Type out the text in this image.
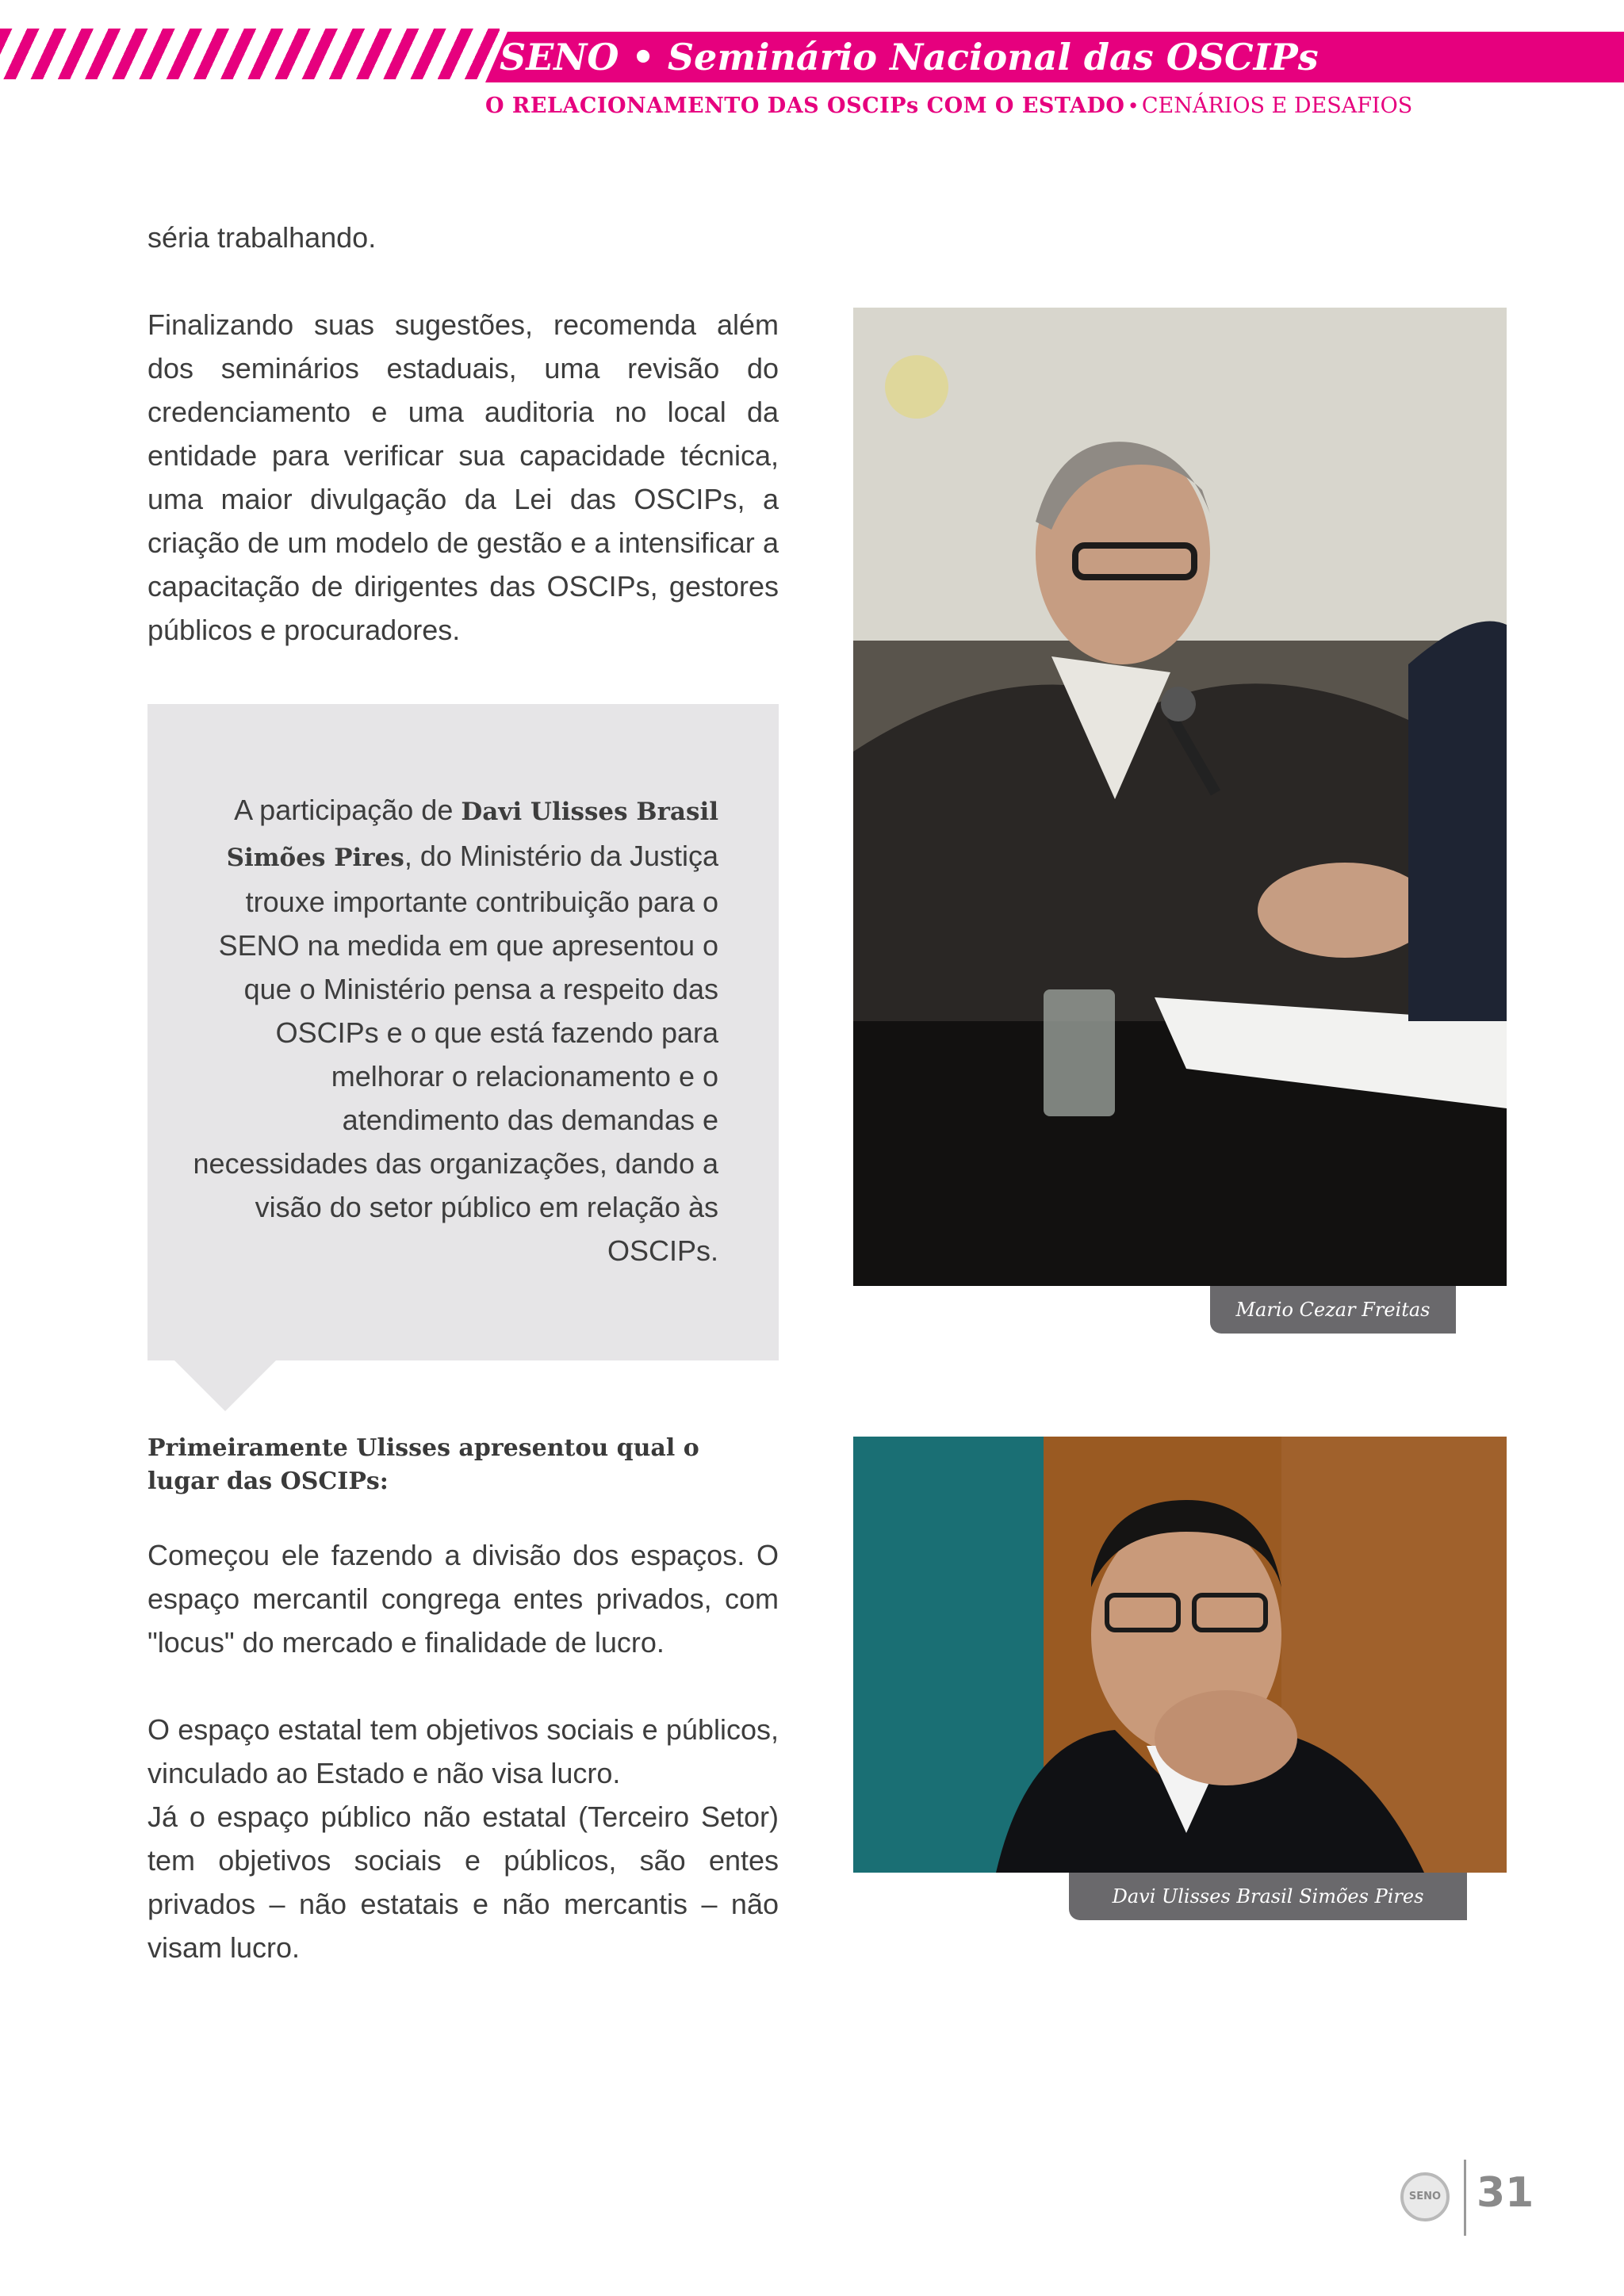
SENO • Seminário Nacional das OSCIPs
O RELACIONAMENTO DAS OSCIPs COM O ESTADO • CENÁRIOS E DESAFIOS

séria trabalhando.

Finalizando suas sugestões, recomenda além dos seminários estaduais, uma revisão do credenciamento e uma auditoria no local da entidade para verificar sua capacidade técnica, uma maior divulgação da Lei das OSCIPs, a criação de um modelo de gestão e a intensificar a capacitação de dirigentes das OSCIPs, gestores públicos e procuradores.

A participação de Davi Ulisses Brasil Simões Pires, do Ministério da Justiça trouxe importante contribuição para o SENO na medida em que apresentou o que o Ministério pensa a respeito das OSCIPs e o que está fazendo para melhorar o relacionamento e o atendimento das demandas e necessidades das organizações, dando a visão do setor público em relação às OSCIPs.
Primeiramente Ulisses apresentou qual o lugar das OSCIPs:

Começou ele fazendo a divisão dos espaços. O espaço mercantil congrega entes privados, com "locus" do mercado e finalidade de lucro.

O espaço estatal tem objetivos sociais e públicos, vinculado ao Estado e não visa lucro.

Já o espaço público não estatal (Terceiro Setor) tem objetivos sociais e públicos, são entes privados – não estatais e não mercantis – não visam lucro.

Mario Cezar Freitas
Davi Ulisses Brasil Simões Pires
SENO 31
